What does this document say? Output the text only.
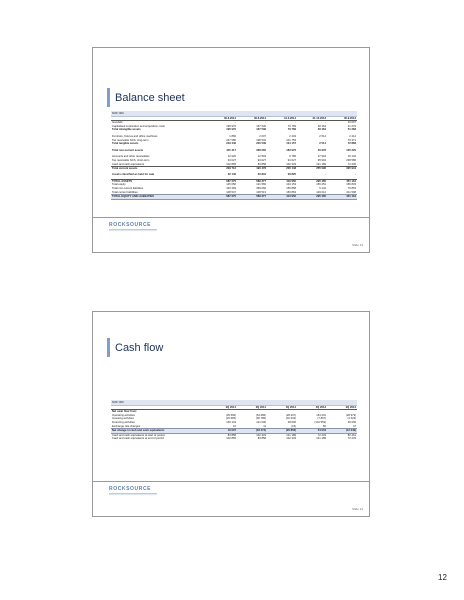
Balance sheet
NOK '000					
	30.6.2014	30.6.2014	31.3.2014	31.12.2013	30.9.2013
Goodwill	-	-	-	-	10 007
Capitalised exploration and acquisition costs	195 970	167 536	79 769	48 464	41 276
Total intangible assets	195 970	167 536	79 769	48 464	51 283

Furniture, fixtures and office machines	1 866	2 007	2 404	2 514	2 412
Tax receivable NCS, long-term	247 580	198 532	101 753	-	70 371
Total tangible assets	249 446	200 539	104 157	2 514	72 883

Total non-current assets	445 417	368 065	183 976	46 978	125 225

Accounts and other receivables	12 920	12 593	9 786	37 904	15 132
Tax receivable NCS, short-term	94 027	94 027	94 027	95 994	238 586
Cash and cash equivalents	102 865	83 858	102 333	121 189	72 236
Total current assets	209 712	190 478	206 148	255 096	325 944

Assets classified as held for sale	32 146	30 834	29 825	-	-

TOTAL ASSETS	687 275	589 377	419 950	295 465	451 164
Total equity	145 050	121 566	104 153	156 251	159 833
Total non-current liabilities	433 369	359 060	156 868	5 142	79 853
Total current liabilities	108 547	108 513	150 863	149 012	211 508
TOTAL EQUITY AND LIABILITIES	687 275	589 377	413 950	295 465	451 164
ROCKSOURCE
Slide 13
Cash flow
NOK '000					
	2Q 2014	2Q 2014	1Q 2014	4Q 2013	2Q 2013
Net cash flow from:					
Operating activities	(35 666)	(54 686)	(28 207)	164 201	(28 973)
Investing activities	(26 683)	(90 786)	(40 634)	(7 867)	(3 423)
Financing activities	136 143	121 000	48 000	(101 553)	36 000
Exchange rate changes	10	11	(15)	50	47
Net change in cash and cash equivalents	19 007	(18 474)	(20 856)	54 004	(12 249)
Cash and cash equivalents at start of period	83 858	102 333	121 189	72 233	82 461
Cash and cash equivalents at end of period	102 865	83 858	102 333	121 189	72 233
ROCKSOURCE
Slide 14
12
